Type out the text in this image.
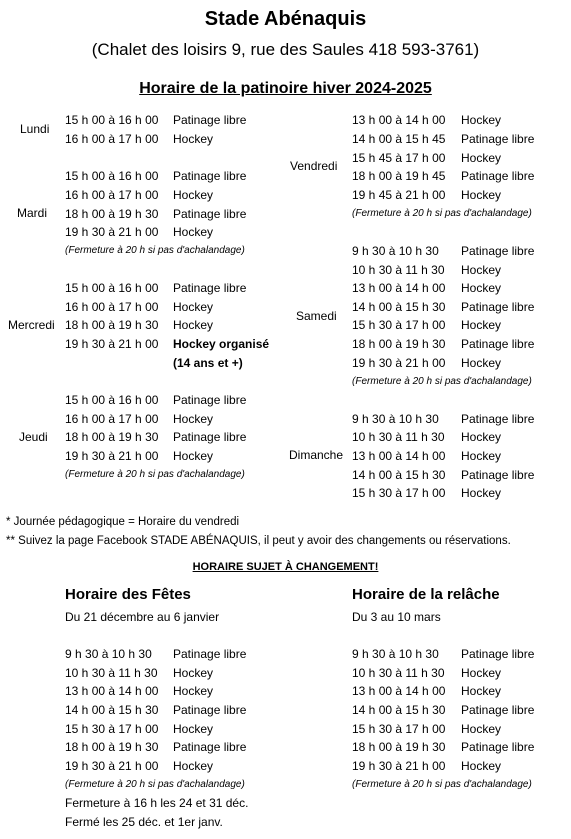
Stade Abénaquis
(Chalet des loisirs 9, rue des Saules 418 593-3761)
Horaire de la patinoire hiver 2024-2025
Lundi
15 h 00 à 16 h 00 Patinage libre
16 h 00 à 17 h 00 Hockey
Mardi
15 h 00 à 16 h 00 Patinage libre
16 h 00 à 17 h 00 Hockey
18 h 00 à 19 h 30 Patinage libre
19 h 30 à 21 h 00 Hockey
(Fermeture à 20 h si pas d'achalandage)
Mercredi
15 h 00 à 16 h 00 Patinage libre
16 h 00 à 17 h 00 Hockey
18 h 00 à 19 h 30 Hockey
19 h 30 à 21 h 00 Hockey organisé
(14 ans et +)
Jeudi
15 h 00 à 16 h 00 Patinage libre
16 h 00 à 17 h 00 Hockey
18 h 00 à 19 h 30 Patinage libre
19 h 30 à 21 h 00 Hockey
(Fermeture à 20 h si pas d'achalandage)
Vendredi
13 h 00 à 14 h 00 Hockey
14 h 00 à 15 h 45 Patinage libre
15 h 45 à 17 h 00 Hockey
18 h 00 à 19 h 45 Patinage libre
19 h 45 à 21 h 00 Hockey
(Fermeture à 20 h si pas d'achalandage)
Samedi
9 h 30 à 10 h 30 Patinage libre
10 h 30 à 11 h 30 Hockey
13 h 00 à 14 h 00 Hockey
14 h 00 à 15 h 30 Patinage libre
15 h 30 à 17 h 00 Hockey
18 h 00 à 19 h 30 Patinage libre
19 h 30 à 21 h 00 Hockey
(Fermeture à 20 h si pas d'achalandage)
Dimanche
9 h 30 à 10 h 30 Patinage libre
10 h 30 à 11 h 30 Hockey
13 h 00 à 14 h 00 Hockey
14 h 00 à 15 h 30 Patinage libre
15 h 30 à 17 h 00 Hockey
* Journée pédagogique = Horaire du vendredi
** Suivez la page Facebook STADE ABÉNAQUIS, il peut y avoir des changements ou réservations.
HORAIRE SUJET À CHANGEMENT!
Horaire des Fêtes
Du 21 décembre au 6 janvier
9 h 30 à 10 h 30 Patinage libre
10 h 30 à 11 h 30 Hockey
13 h 00 à 14 h 00 Hockey
14 h 00 à 15 h 30 Patinage libre
15 h 30 à 17 h 00 Hockey
18 h 00 à 19 h 30 Patinage libre
19 h 30 à 21 h 00 Hockey
(Fermeture à 20 h si pas d'achalandage)
Fermeture à 16 h les 24 et 31 déc.
Fermé les 25 déc. et 1er janv.
Horaire de la relâche
Du 3 au 10 mars
9 h 30 à 10 h 30 Patinage libre
10 h 30 à 11 h 30 Hockey
13 h 00 à 14 h 00 Hockey
14 h 00 à 15 h 30 Patinage libre
15 h 30 à 17 h 00 Hockey
18 h 00 à 19 h 30 Patinage libre
19 h 30 à 21 h 00 Hockey
(Fermeture à 20 h si pas d'achalandage)
